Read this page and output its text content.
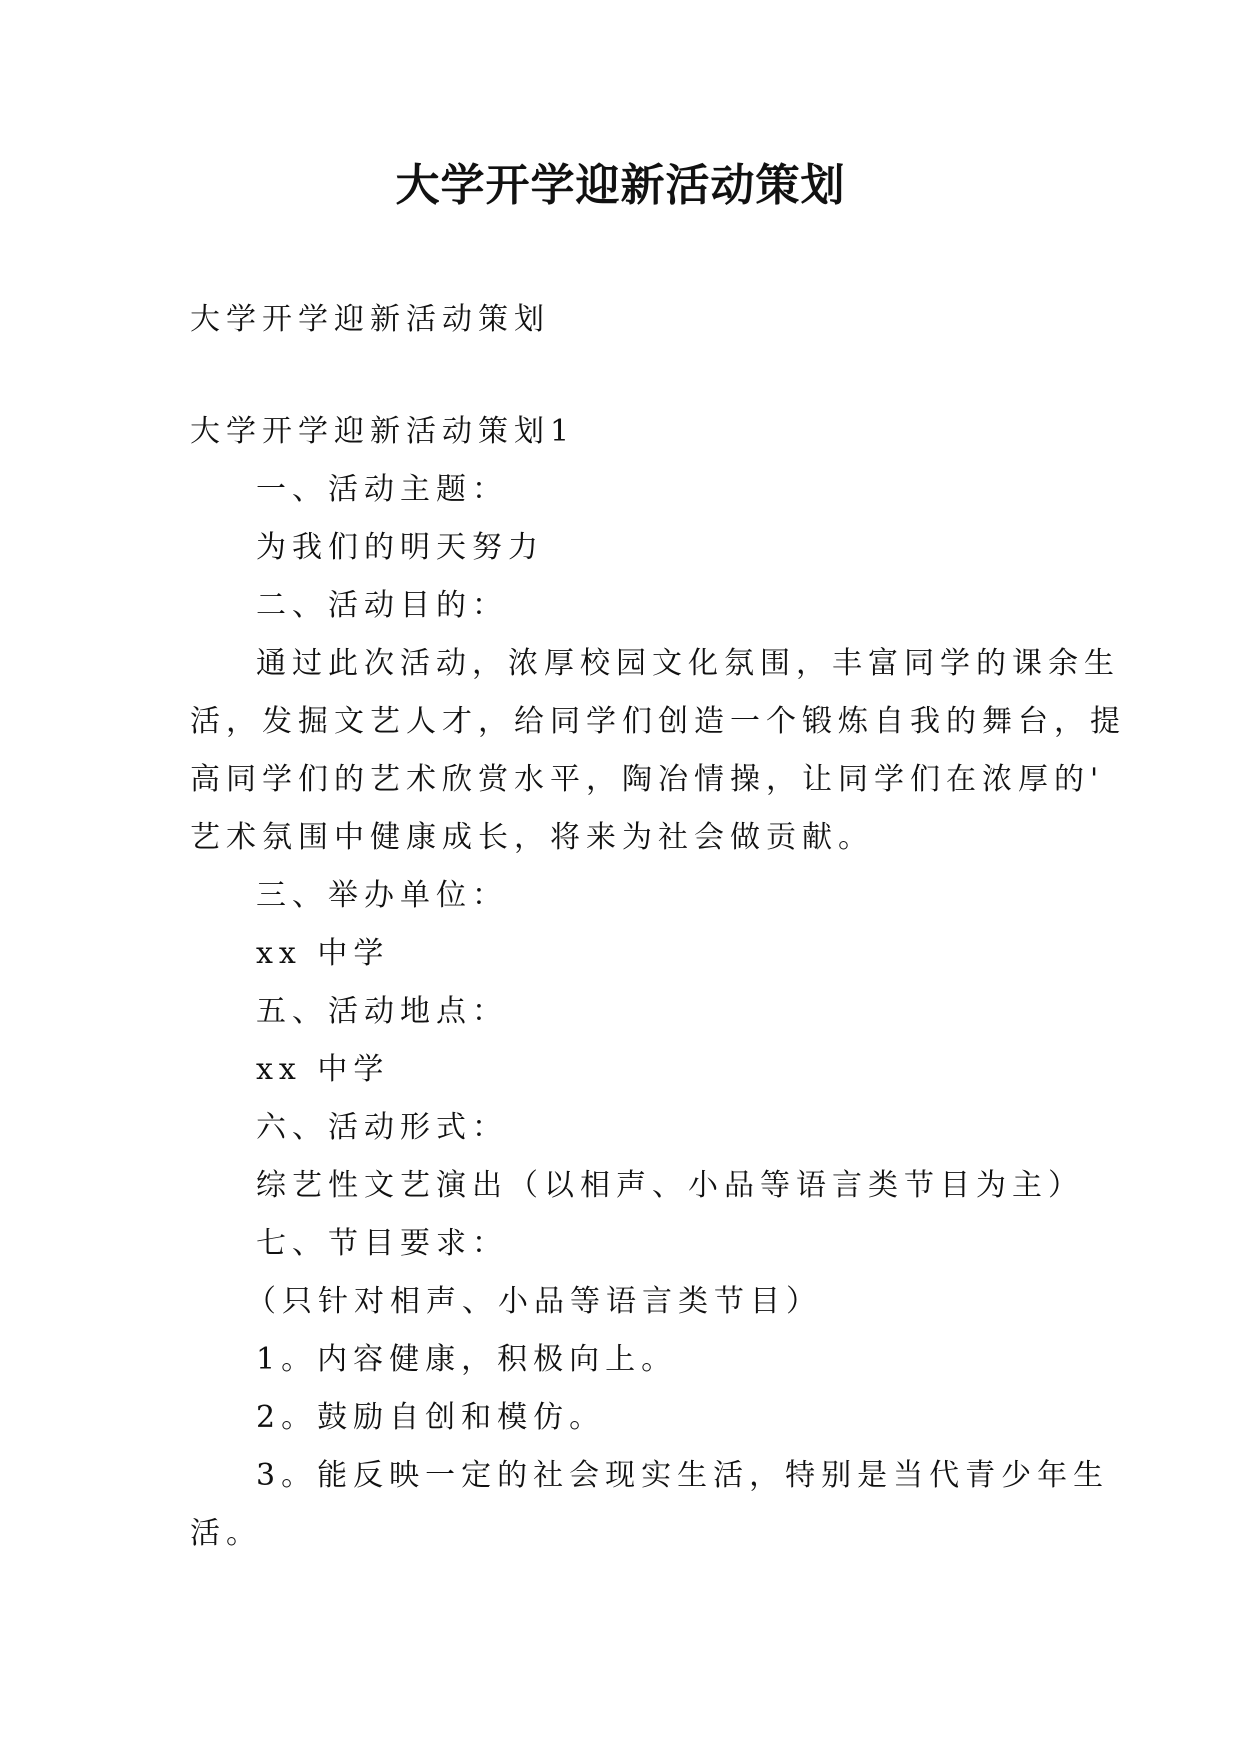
大学开学迎新活动策划
大学开学迎新活动策划
大学开学迎新活动策划1
一、活动主题：
为我们的明天努力
二、活动目的：
通过此次活动，浓厚校园文化氛围，丰富同学的课余生
活，发掘文艺人才，给同学们创造一个锻炼自我的舞台，提
高同学们的艺术欣赏水平，陶冶情操，让同学们在浓厚的'
艺术氛围中健康成长，将来为社会做贡献。
三、举办单位：
xx 中学
五、活动地点：
xx 中学
六、活动形式：
综艺性文艺演出（以相声、小品等语言类节目为主）
七、节目要求：
（只针对相声、小品等语言类节目）
1。内容健康，积极向上。
2。鼓励自创和模仿。
3。能反映一定的社会现实生活，特别是当代青少年生
活。
